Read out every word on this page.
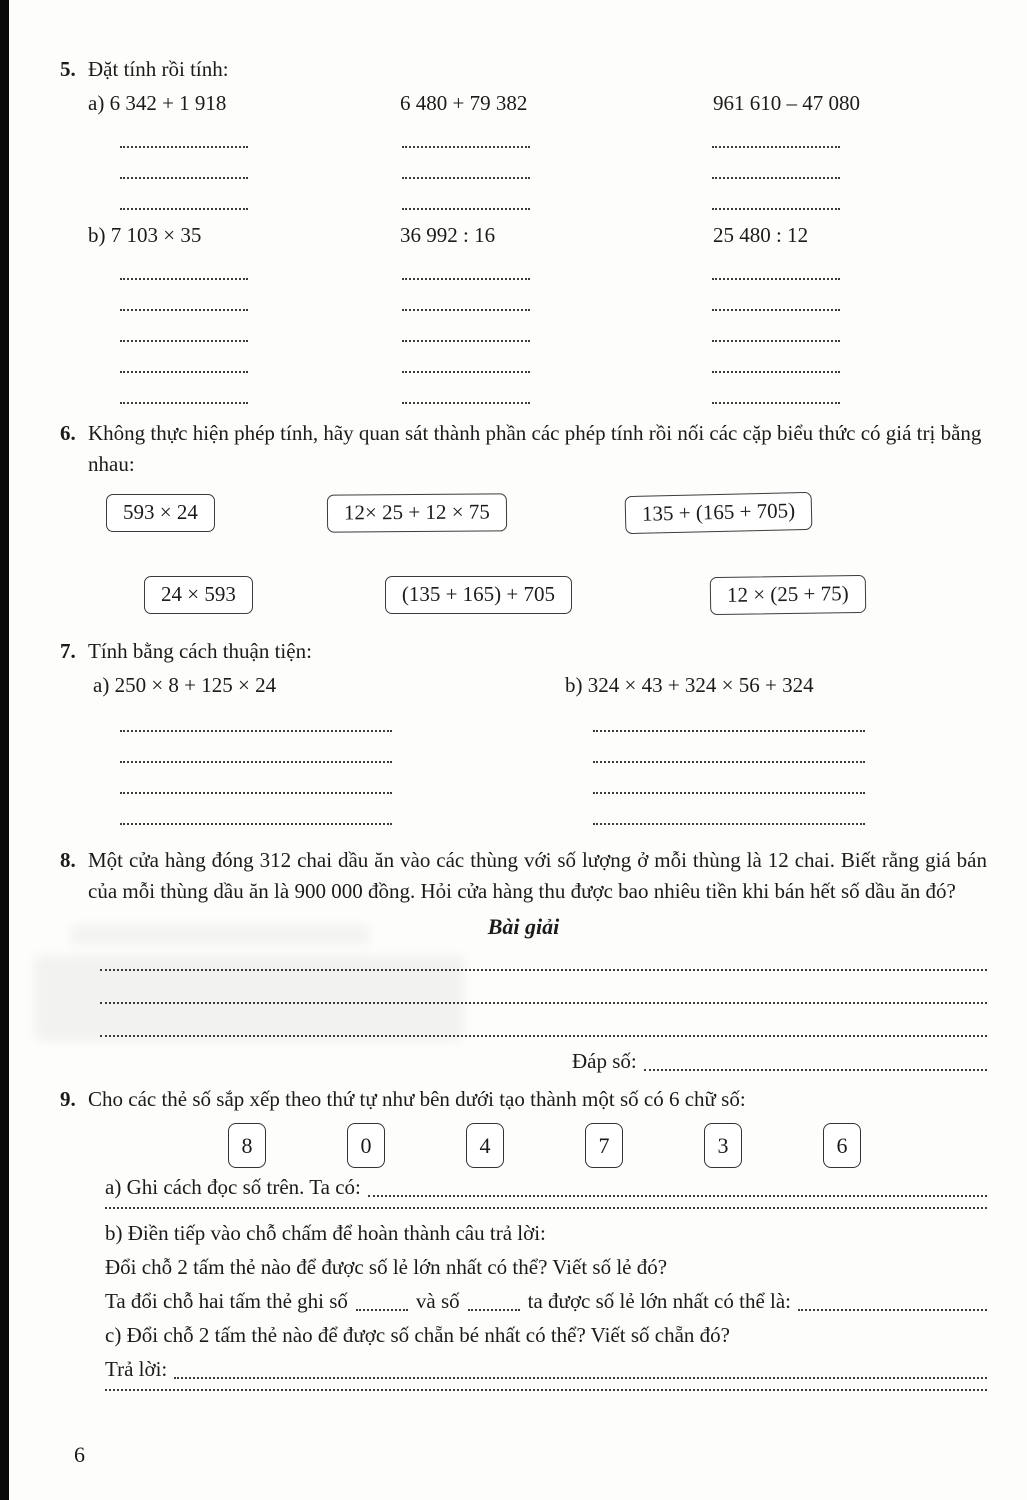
5. Đặt tính rồi tính:
a) 6 342 + 1 918	6 480 + 79 382	961 610 – 47 080
b) 7 103 × 35	36 992 : 16	25 480 : 12
6. Không thực hiện phép tính, hãy quan sát thành phần các phép tính rồi nối các cặp biểu thức có giá trị bằng nhau:
593 × 24	12× 25 + 12 × 75	135 + (165 + 705)
24 × 593	(135 + 165) + 705	12 × (25 + 75)
7. Tính bằng cách thuận tiện:
a) 250 × 8 + 125 × 24	b) 324 × 43 + 324 × 56 + 324
8. Một cửa hàng đóng 312 chai dầu ăn vào các thùng với số lượng ở mỗi thùng là 12 chai. Biết rằng giá bán của mỗi thùng dầu ăn là 900 000 đồng. Hỏi cửa hàng thu được bao nhiêu tiền khi bán hết số dầu ăn đó?
Bài giải
Đáp số:
9. Cho các thẻ số sắp xếp theo thứ tự như bên dưới tạo thành một số có 6 chữ số:
8	0	4	7	3	6
a) Ghi cách đọc số trên. Ta có:
b) Điền tiếp vào chỗ chấm để hoàn thành câu trả lời:
Đổi chỗ 2 tấm thẻ nào để được số lẻ lớn nhất có thể? Viết số lẻ đó?
Ta đổi chỗ hai tấm thẻ ghi số	và số	ta được số lẻ lớn nhất có thể là:
c) Đổi chỗ 2 tấm thẻ nào để được số chẵn bé nhất có thể? Viết số chẵn đó?
Trả lời:
6
